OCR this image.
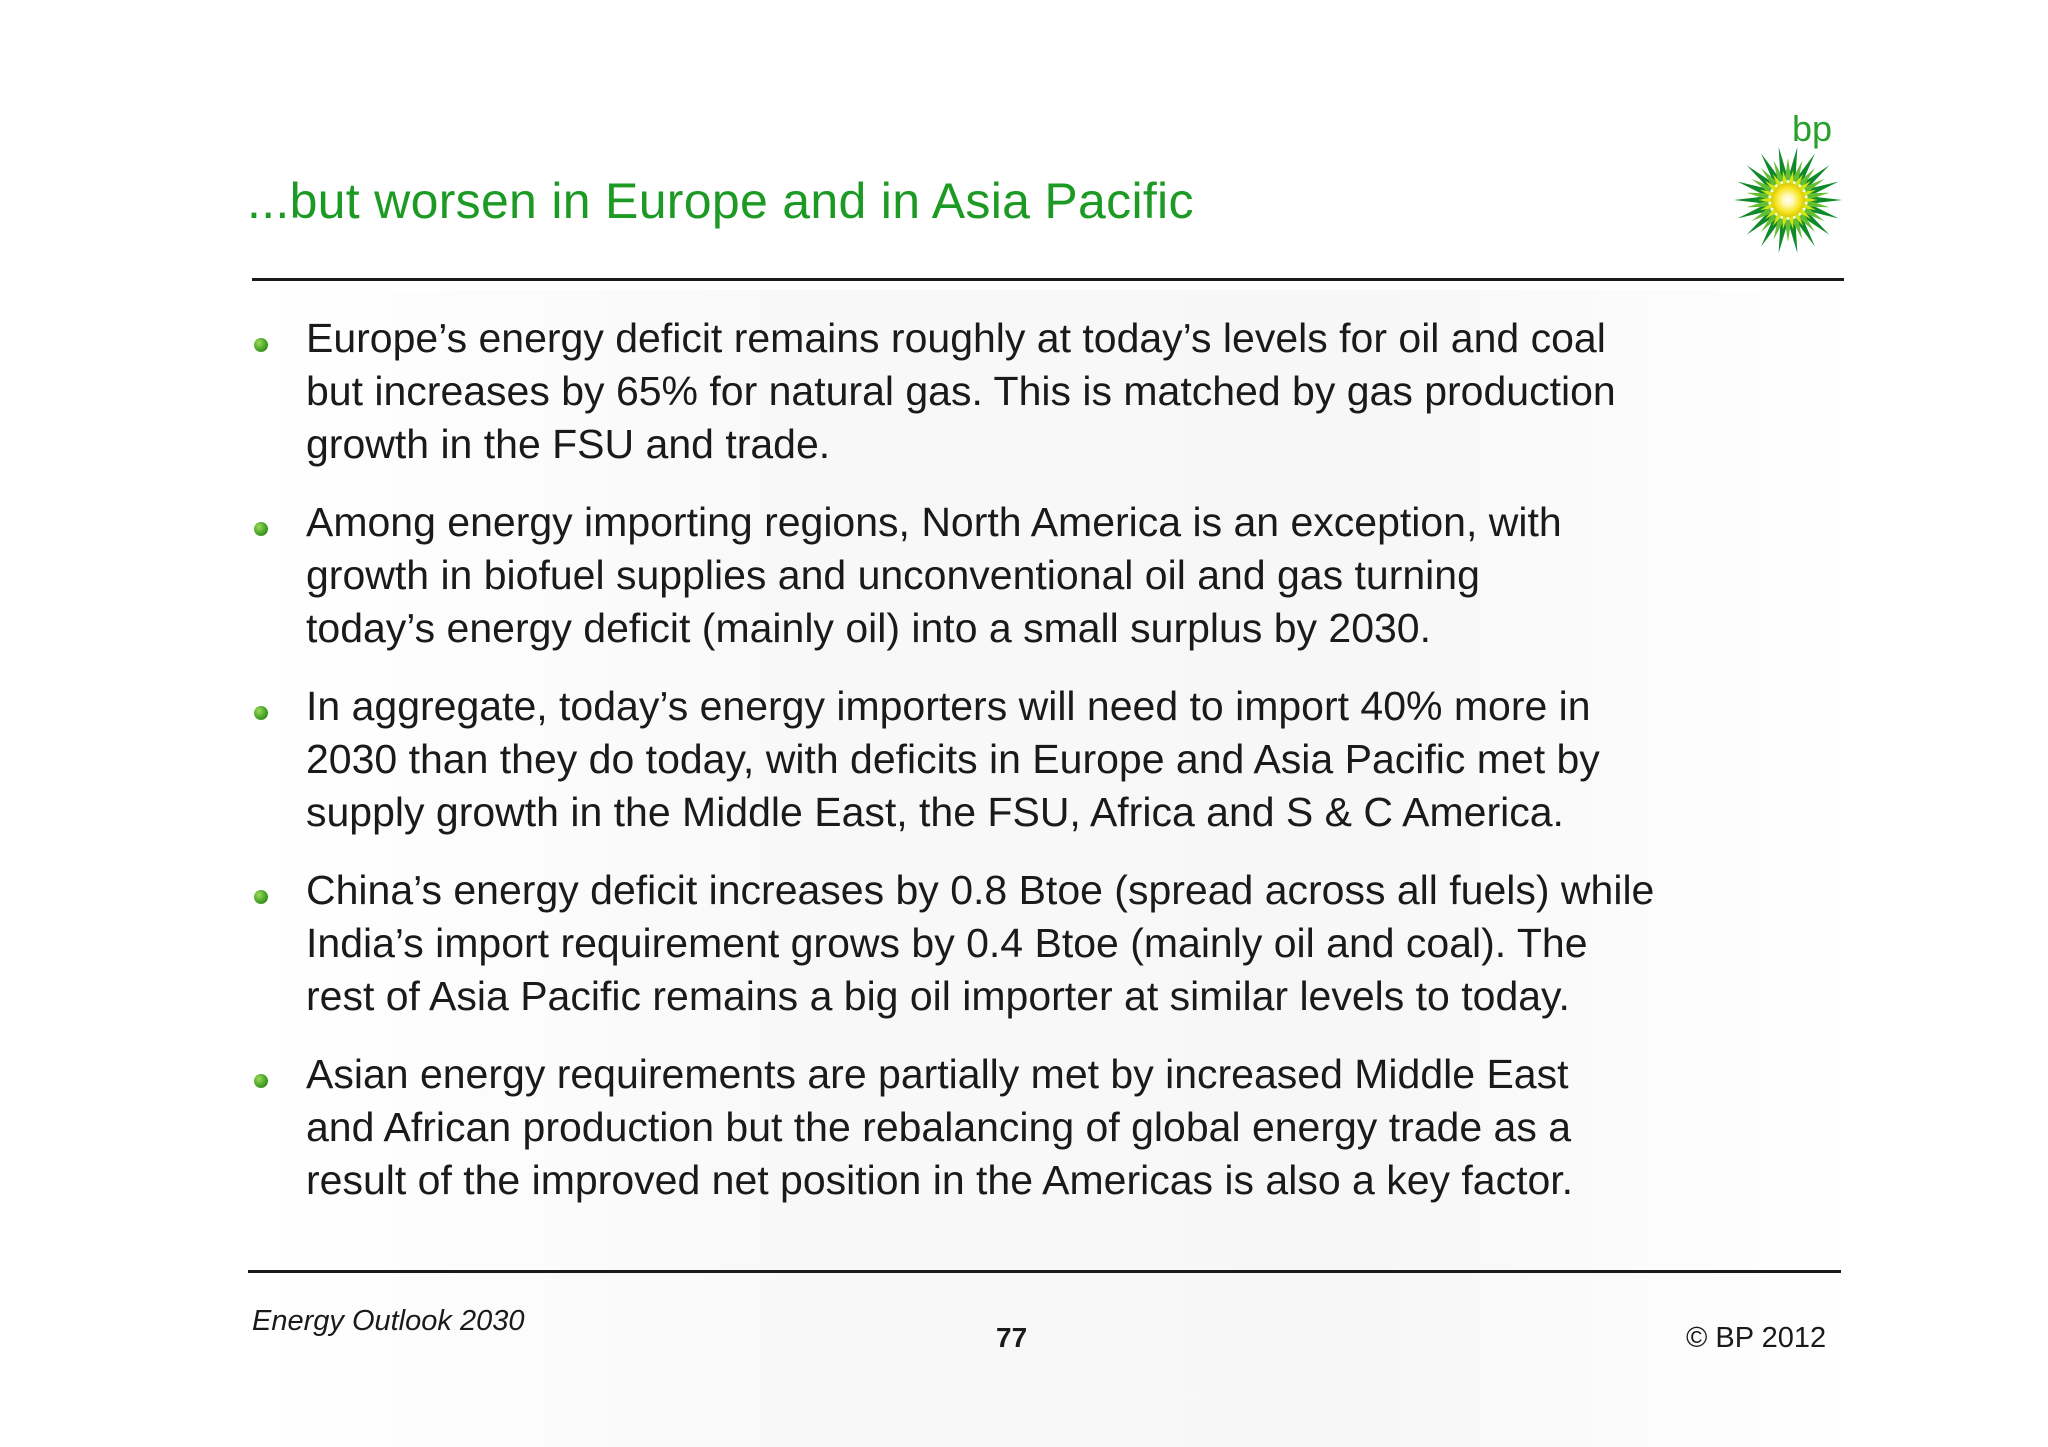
...but worsen in Europe and in Asia Pacific
bp
Europe’s energy deficit remains roughly at today’s levels for oil and coal
but increases by 65% for natural gas. This is matched by gas production
growth in the FSU and trade.
Among energy importing regions, North America is an exception, with
growth in biofuel supplies and unconventional oil and gas turning
today’s energy deficit (mainly oil) into a small surplus by 2030.
In aggregate, today’s energy importers will need to import 40% more in
2030 than they do today, with deficits in Europe and Asia Pacific met by
supply growth in the Middle East, the FSU, Africa and S & C America.
China’s energy deficit increases by 0.8 Btoe (spread across all fuels) while
India’s import requirement grows by 0.4 Btoe (mainly oil and coal). The
rest of Asia Pacific remains a big oil importer at similar levels to today.
Asian energy requirements are partially met by increased Middle East
and African production but the rebalancing of global energy trade as a
result of the improved net position in the Americas is also a key factor.
Energy Outlook 2030
77	© BP 2012
